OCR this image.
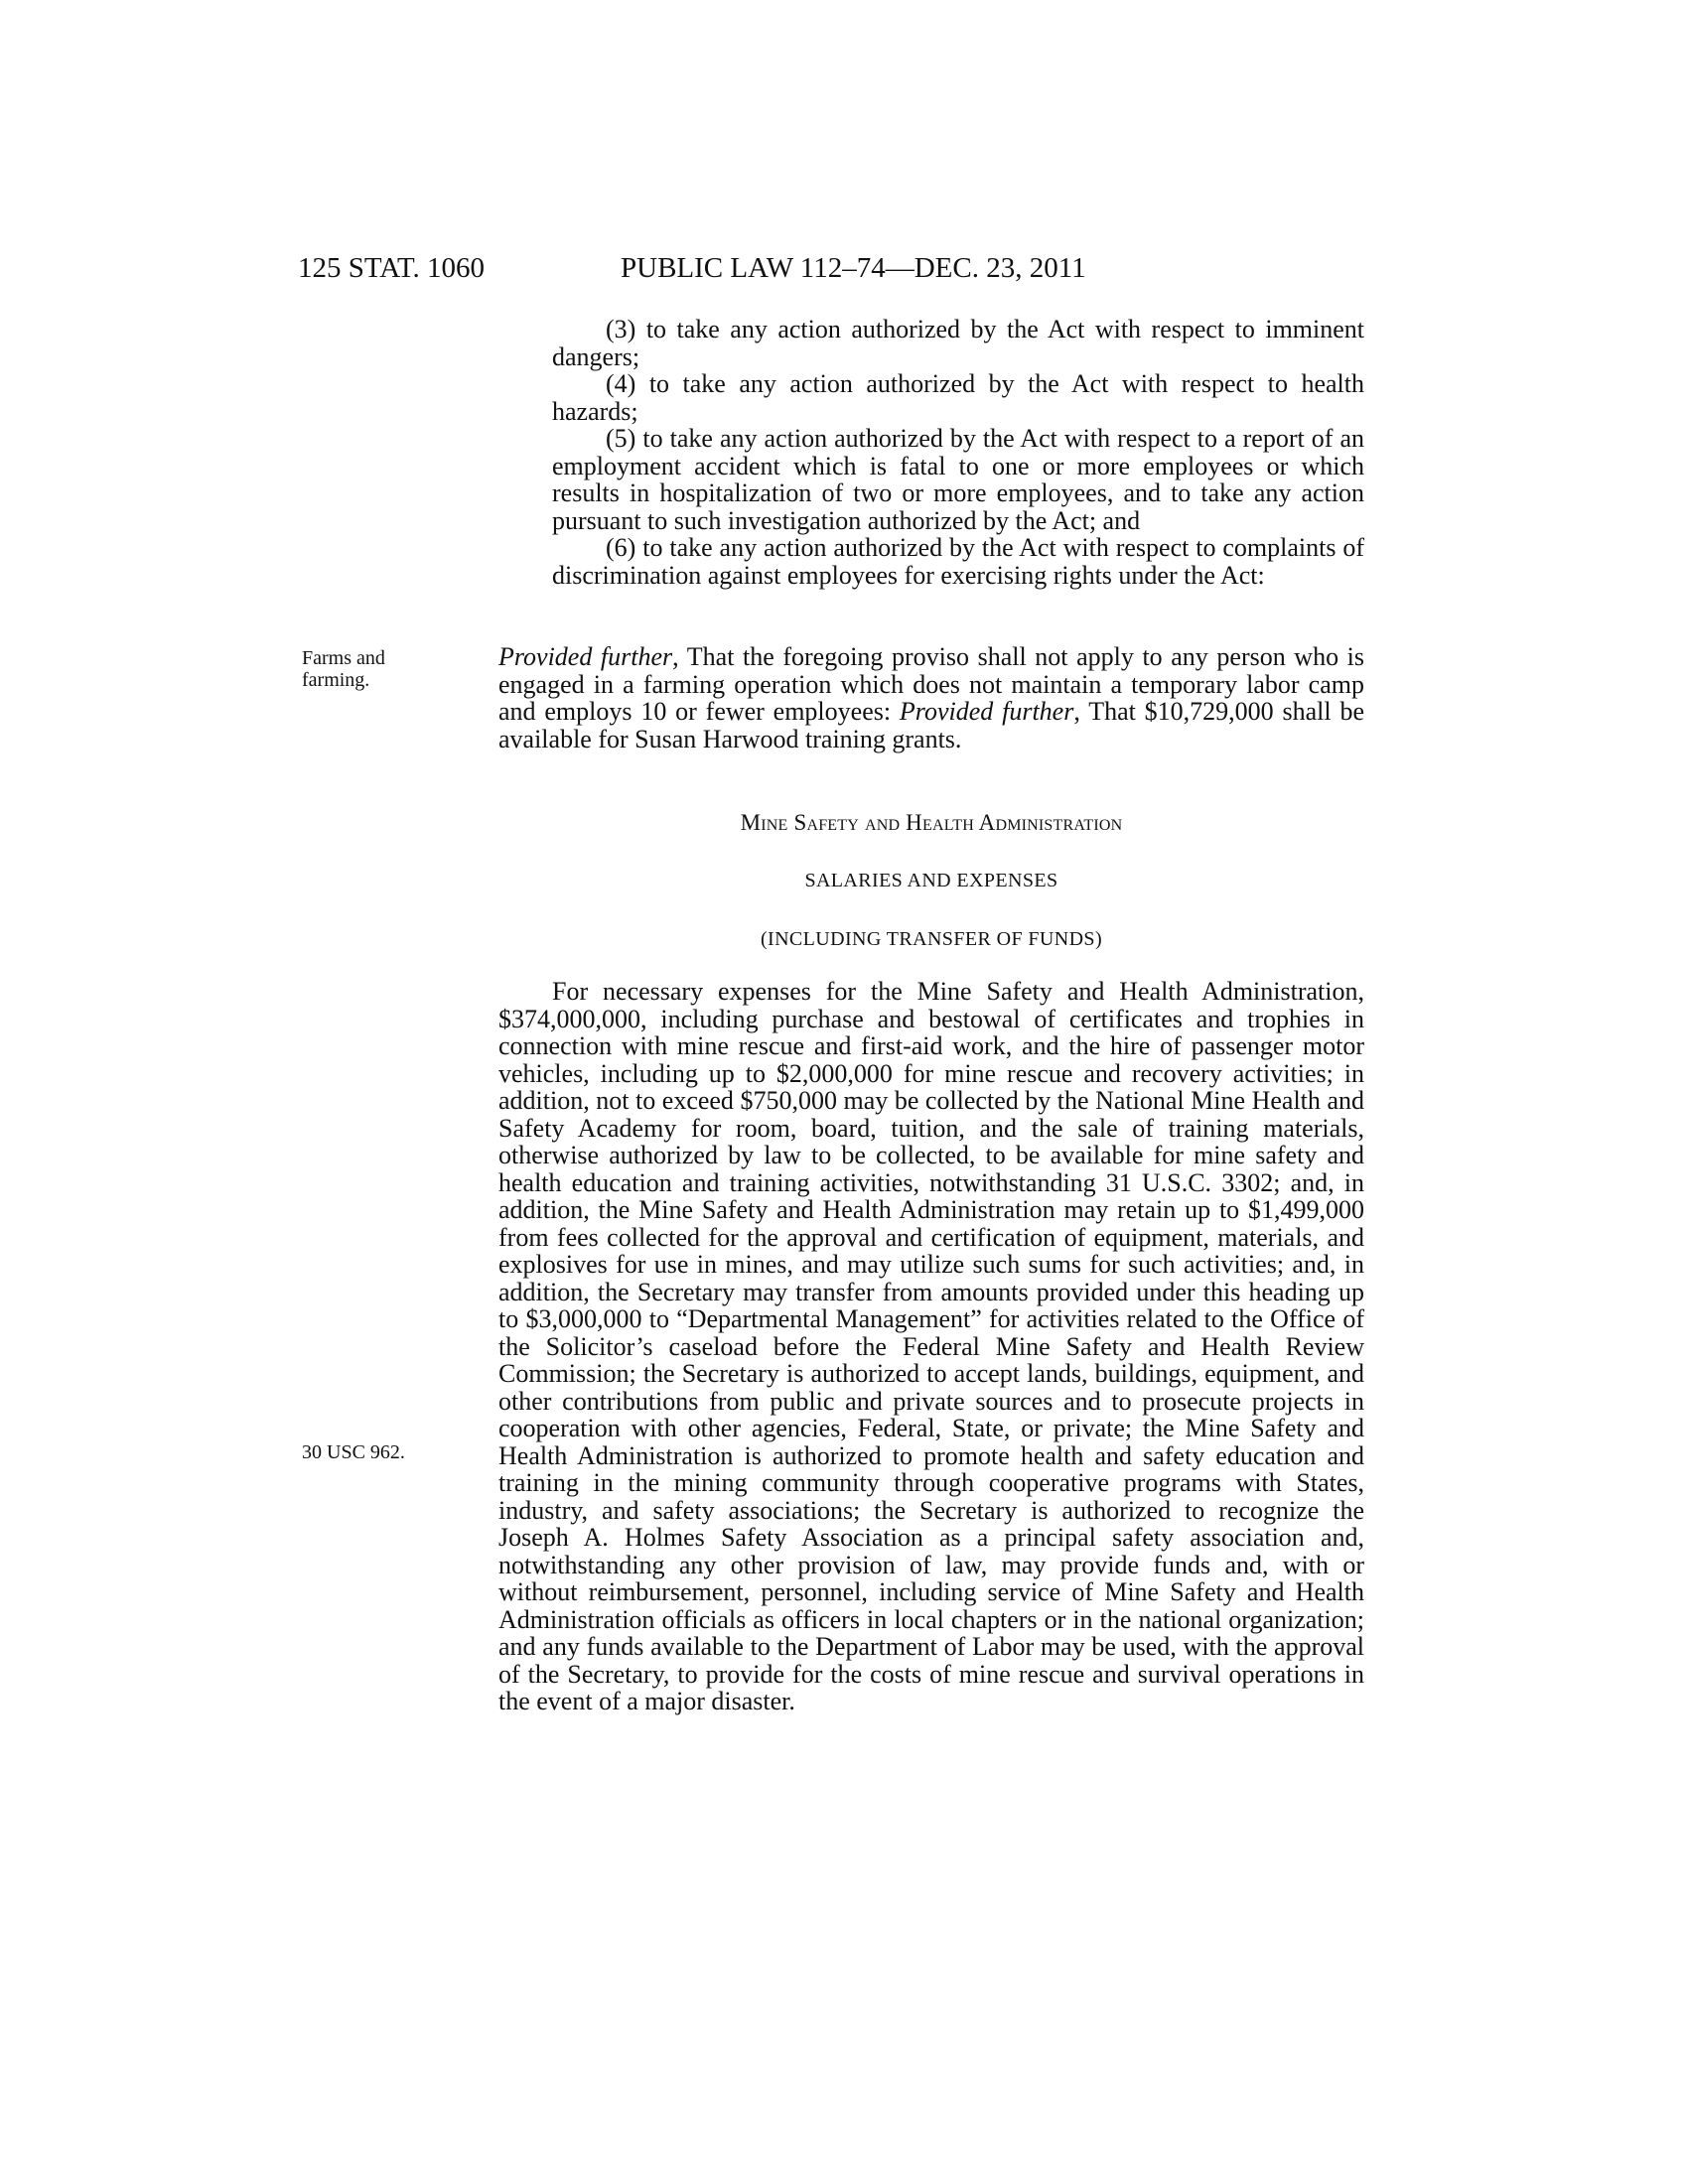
125 STAT. 1060	PUBLIC LAW 112–74—DEC. 23, 2011

(3) to take any action authorized by the Act with respect to imminent dangers;

(4) to take any action authorized by the Act with respect to health hazards;

(5) to take any action authorized by the Act with respect to a report of an employment accident which is fatal to one or more employees or which results in hospitalization of two or more employees, and to take any action pursuant to such investigation authorized by the Act; and

(6) to take any action authorized by the Act with respect to complaints of discrimination against employees for exercising rights under the Act:

Farms and
farming.

Provided further, That the foregoing proviso shall not apply to any person who is engaged in a farming operation which does not maintain a temporary labor camp and employs 10 or fewer employees: Provided further, That $10,729,000 shall be available for Susan Harwood training grants.

Mine Safety and Health Administration
SALARIES AND EXPENSES
(INCLUDING TRANSFER OF FUNDS)
30 USC 962.

For necessary expenses for the Mine Safety and Health Administration, $374,000,000, including purchase and bestowal of certificates and trophies in connection with mine rescue and first-aid work, and the hire of passenger motor vehicles, including up to $2,000,000 for mine rescue and recovery activities; in addition, not to exceed $750,000 may be collected by the National Mine Health and Safety Academy for room, board, tuition, and the sale of training materials, otherwise authorized by law to be collected, to be available for mine safety and health education and training activities, notwithstanding 31 U.S.C. 3302; and, in addition, the Mine Safety and Health Administration may retain up to $1,499,000 from fees collected for the approval and certification of equipment, materials, and explosives for use in mines, and may utilize such sums for such activities; and, in addition, the Secretary may transfer from amounts provided under this heading up to $3,000,000 to “Departmental Management” for activities related to the Office of the Solicitor’s caseload before the Federal Mine Safety and Health Review Commission; the Secretary is authorized to accept lands, buildings, equipment, and other contributions from public and private sources and to prosecute projects in cooperation with other agencies, Federal, State, or private; the Mine Safety and Health Administration is authorized to promote health and safety education and training in the mining community through cooperative programs with States, industry, and safety associations; the Secretary is authorized to recognize the Joseph A. Holmes Safety Association as a principal safety association and, notwithstanding any other provision of law, may provide funds and, with or without reimbursement, personnel, including service of Mine Safety and Health Administration officials as officers in local chapters or in the national organization; and any funds available to the Department of Labor may be used, with the approval of the Secretary, to provide for the costs of mine rescue and survival operations in the event of a major disaster.
